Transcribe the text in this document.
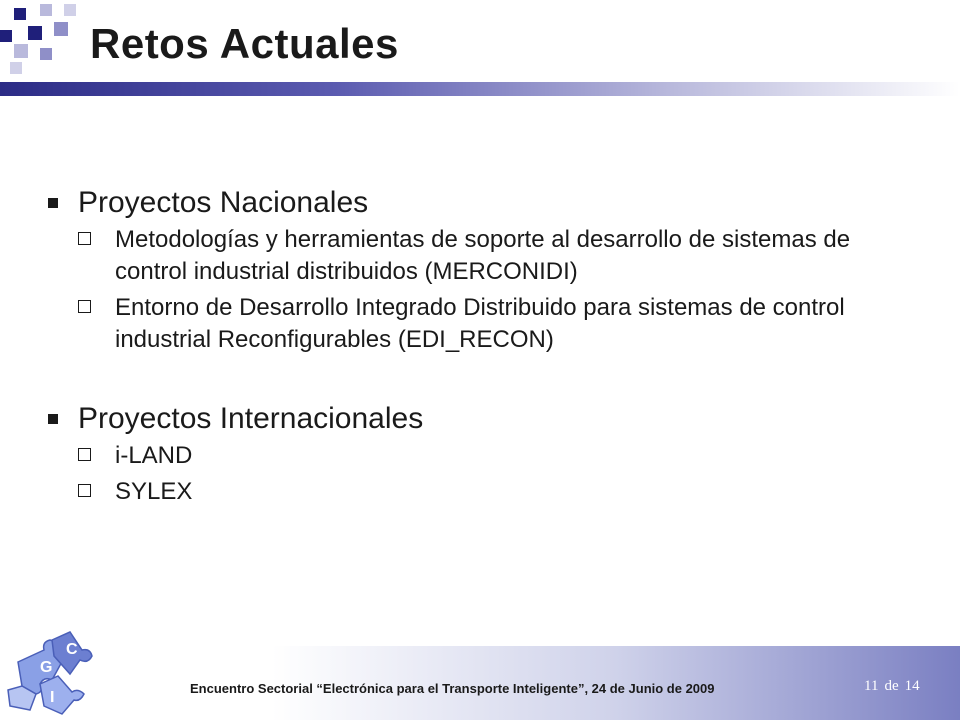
Retos Actuales
Proyectos Nacionales
Metodologías y herramientas de soporte al desarrollo de sistemas de control industrial distribuidos (MERCONIDI)
Entorno de Desarrollo Integrado Distribuido para sistemas de control industrial Reconfigurables (EDI_RECON)
Proyectos Internacionales
i-LAND
SYLEX
G
C
S
I
Encuentro Sectorial “Electrónica para el Transporte Inteligente”, 24 de Junio de 2009	11 de 14
